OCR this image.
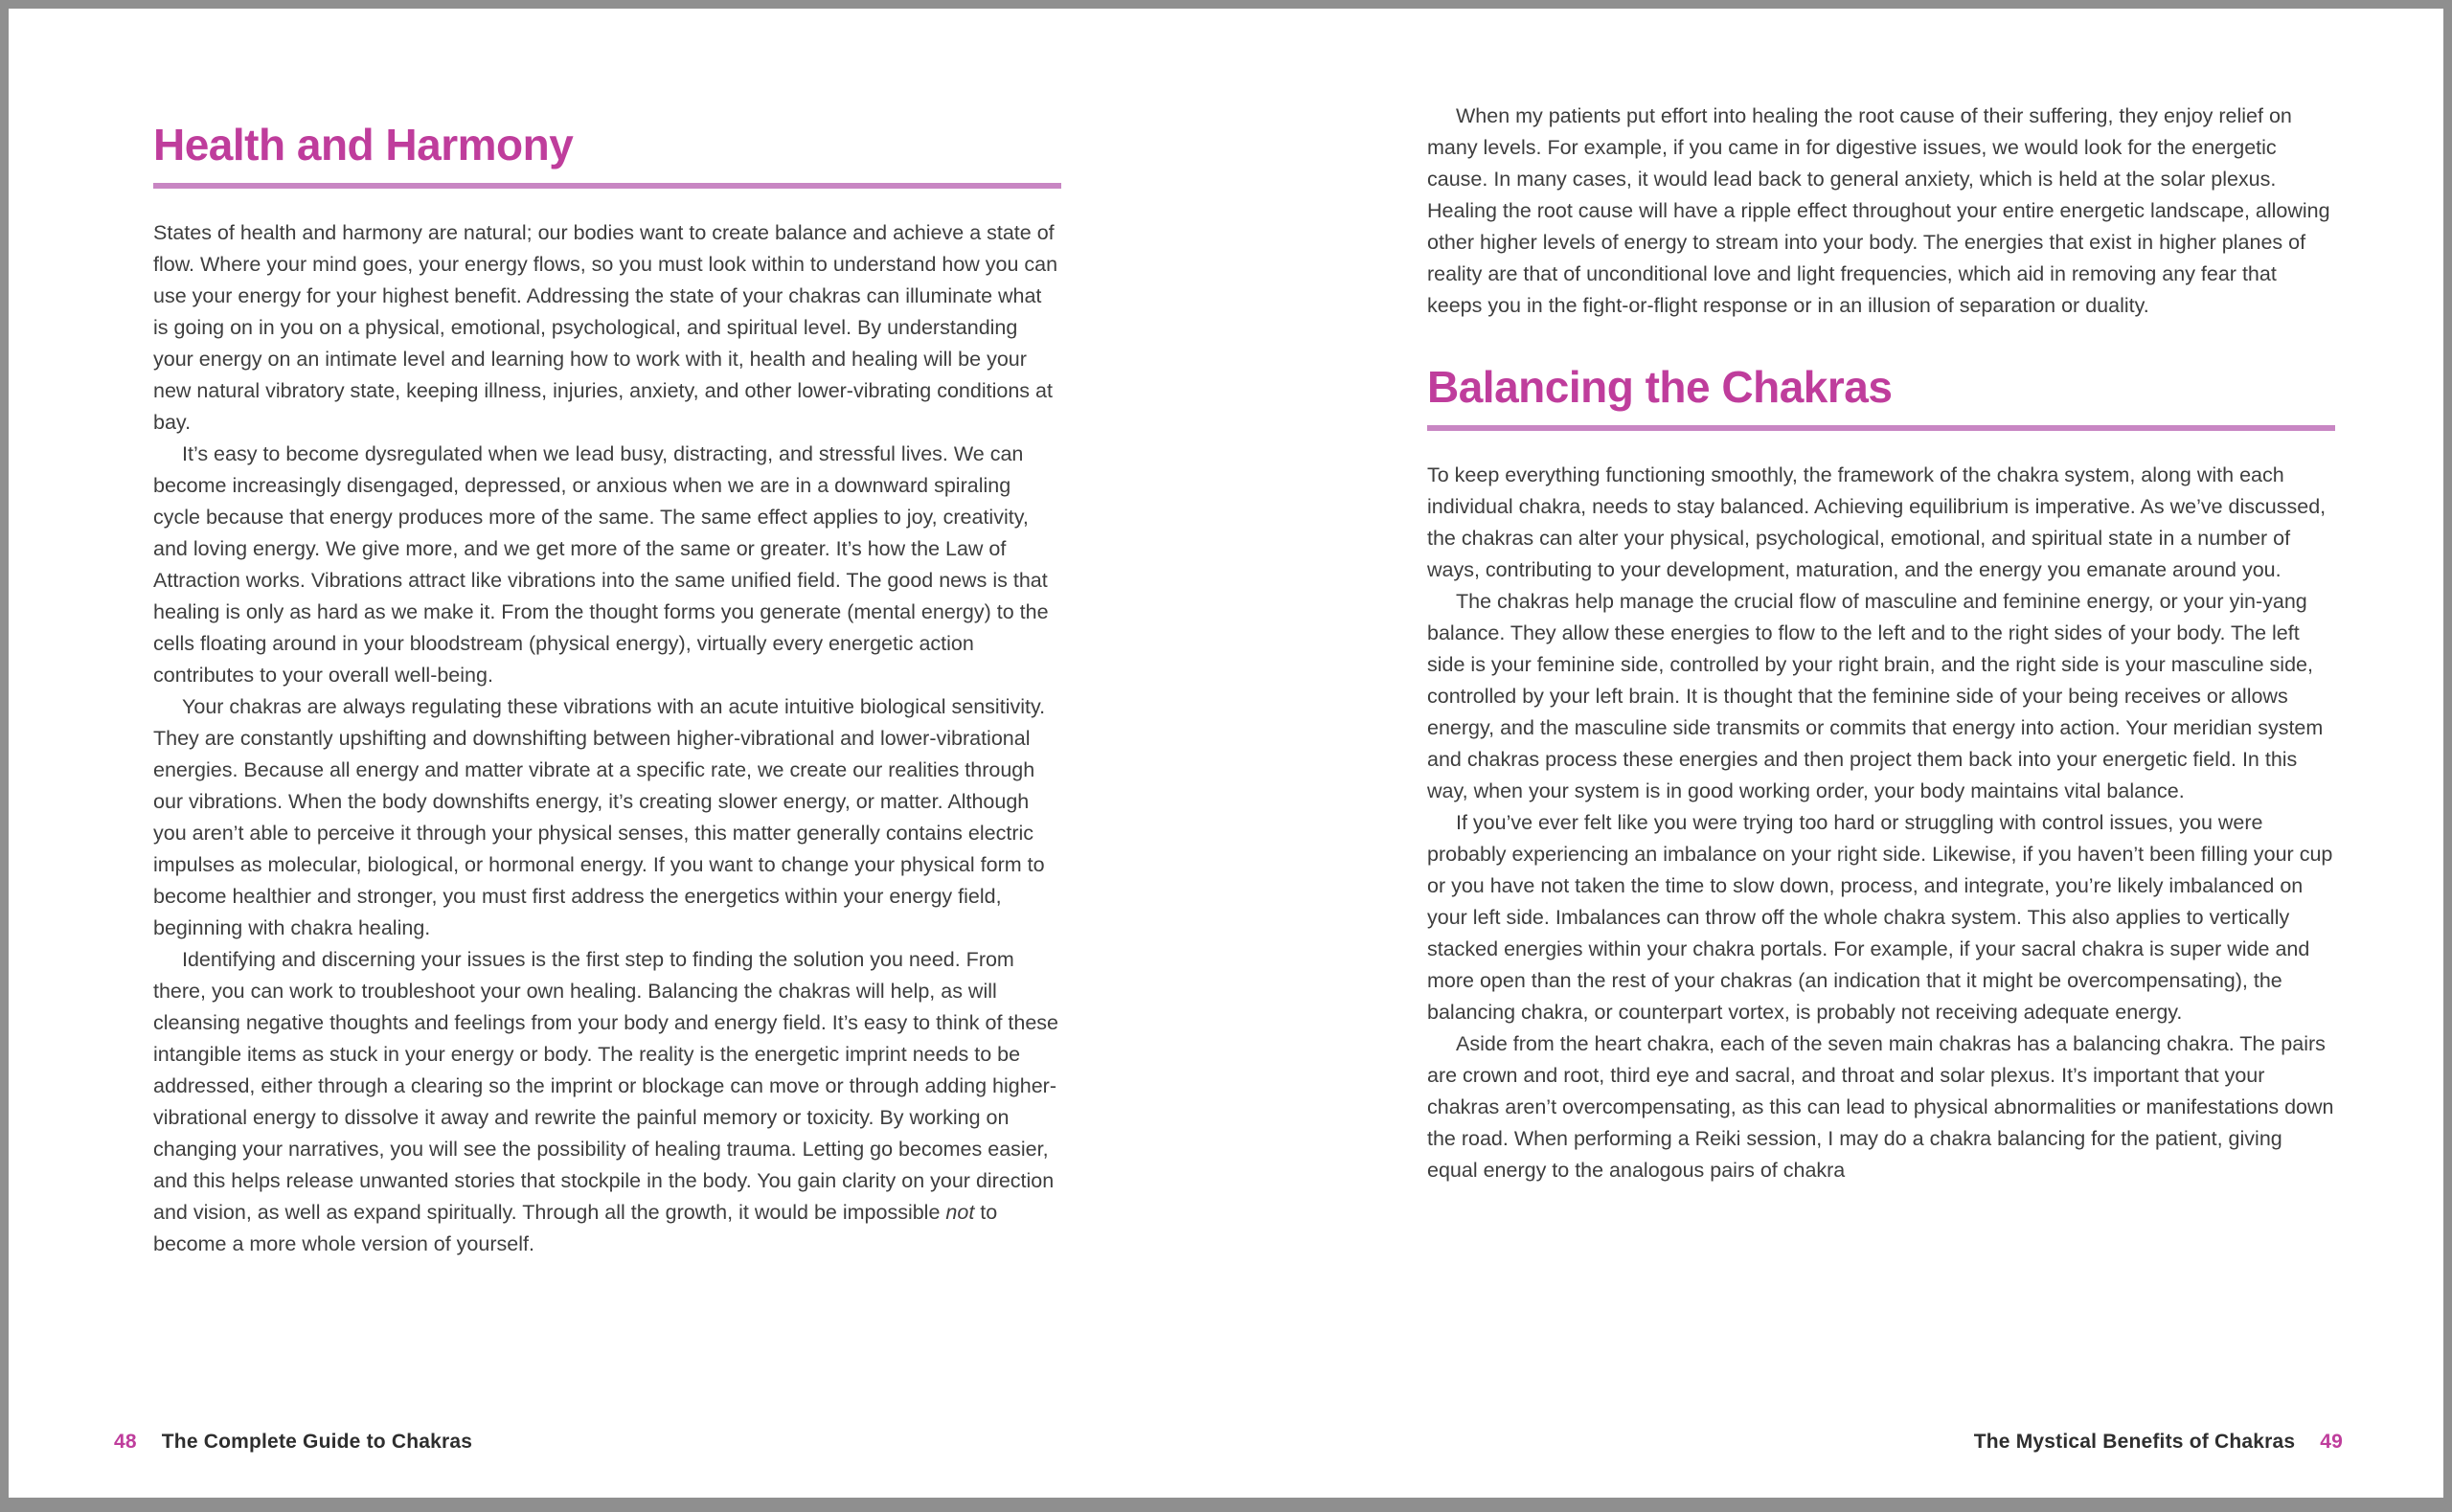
Health and Harmony

States of health and harmony are natural; our bodies want to create balance and achieve a state of flow. Where your mind goes, your energy flows, so you must look within to understand how you can use your energy for your highest benefit. Addressing the state of your chakras can illuminate what is going on in you on a physical, emotional, psychological, and spiritual level. By understanding your energy on an intimate level and learning how to work with it, health and healing will be your new natural vibratory state, keeping illness, injuries, anxiety, and other lower-vibrating conditions at bay.

It’s easy to become dysregulated when we lead busy, distracting, and stressful lives. We can become increasingly disengaged, depressed, or anxious when we are in a downward spiraling cycle because that energy produces more of the same. The same effect applies to joy, creativity, and loving energy. We give more, and we get more of the same or greater. It’s how the Law of Attraction works. Vibrations attract like vibrations into the same unified field. The good news is that healing is only as hard as we make it. From the thought forms you generate (mental energy) to the cells floating around in your bloodstream (physical energy), virtually every energetic action contributes to your overall well-being.

Your chakras are always regulating these vibrations with an acute intuitive biological sensitivity. They are constantly upshifting and downshifting between higher-vibrational and lower-vibrational energies. Because all energy and matter vibrate at a specific rate, we create our realities through our vibrations. When the body downshifts energy, it’s creating slower energy, or matter. Although you aren’t able to perceive it through your physical senses, this matter generally contains electric impulses as molecular, biological, or hormonal energy. If you want to change your physical form to become healthier and stronger, you must first address the energetics within your energy field, beginning with chakra healing.

Identifying and discerning your issues is the first step to finding the solution you need. From there, you can work to troubleshoot your own healing. Balancing the chakras will help, as will cleansing negative thoughts and feelings from your body and energy field. It’s easy to think of these intangible items as stuck in your energy or body. The reality is the energetic imprint needs to be addressed, either through a clearing so the imprint or blockage can move or through adding higher-vibrational energy to dissolve it away and rewrite the painful memory or toxicity. By working on changing your narratives, you will see the possibility of healing trauma. Letting go becomes easier, and this helps release unwanted stories that stockpile in the body. You gain clarity on your direction and vision, as well as expand spiritually. Through all the growth, it would be impossible not to become a more whole version of yourself.

When my patients put effort into healing the root cause of their suffering, they enjoy relief on many levels. For example, if you came in for digestive issues, we would look for the energetic cause. In many cases, it would lead back to general anxiety, which is held at the solar plexus. Healing the root cause will have a ripple effect throughout your entire energetic landscape, allowing other higher levels of energy to stream into your body. The energies that exist in higher planes of reality are that of unconditional love and light frequencies, which aid in removing any fear that keeps you in the fight-or-flight response or in an illusion of separation or duality.

Balancing the Chakras

To keep everything functioning smoothly, the framework of the chakra system, along with each individual chakra, needs to stay balanced. Achieving equilibrium is imperative. As we’ve discussed, the chakras can alter your physical, psychological, emotional, and spiritual state in a number of ways, contributing to your development, maturation, and the energy you emanate around you.

The chakras help manage the crucial flow of masculine and feminine energy, or your yin-yang balance. They allow these energies to flow to the left and to the right sides of your body. The left side is your feminine side, controlled by your right brain, and the right side is your masculine side, controlled by your left brain. It is thought that the feminine side of your being receives or allows energy, and the masculine side transmits or commits that energy into action. Your meridian system and chakras process these energies and then project them back into your energetic field. In this way, when your system is in good working order, your body maintains vital balance.

If you’ve ever felt like you were trying too hard or struggling with control issues, you were probably experiencing an imbalance on your right side. Likewise, if you haven’t been filling your cup or you have not taken the time to slow down, process, and integrate, you’re likely imbalanced on your left side. Imbalances can throw off the whole chakra system. This also applies to vertically stacked energies within your chakra portals. For example, if your sacral chakra is super wide and more open than the rest of your chakras (an indication that it might be overcompensating), the balancing chakra, or counterpart vortex, is probably not receiving adequate energy.

Aside from the heart chakra, each of the seven main chakras has a balancing chakra. The pairs are crown and root, third eye and sacral, and throat and solar plexus. It’s important that your chakras aren’t overcompensating, as this can lead to physical abnormalities or manifestations down the road. When performing a Reiki session, I may do a chakra balancing for the patient, giving equal energy to the analogous pairs of chakra

48 The Complete Guide to Chakras	The Mystical Benefits of Chakras 49
